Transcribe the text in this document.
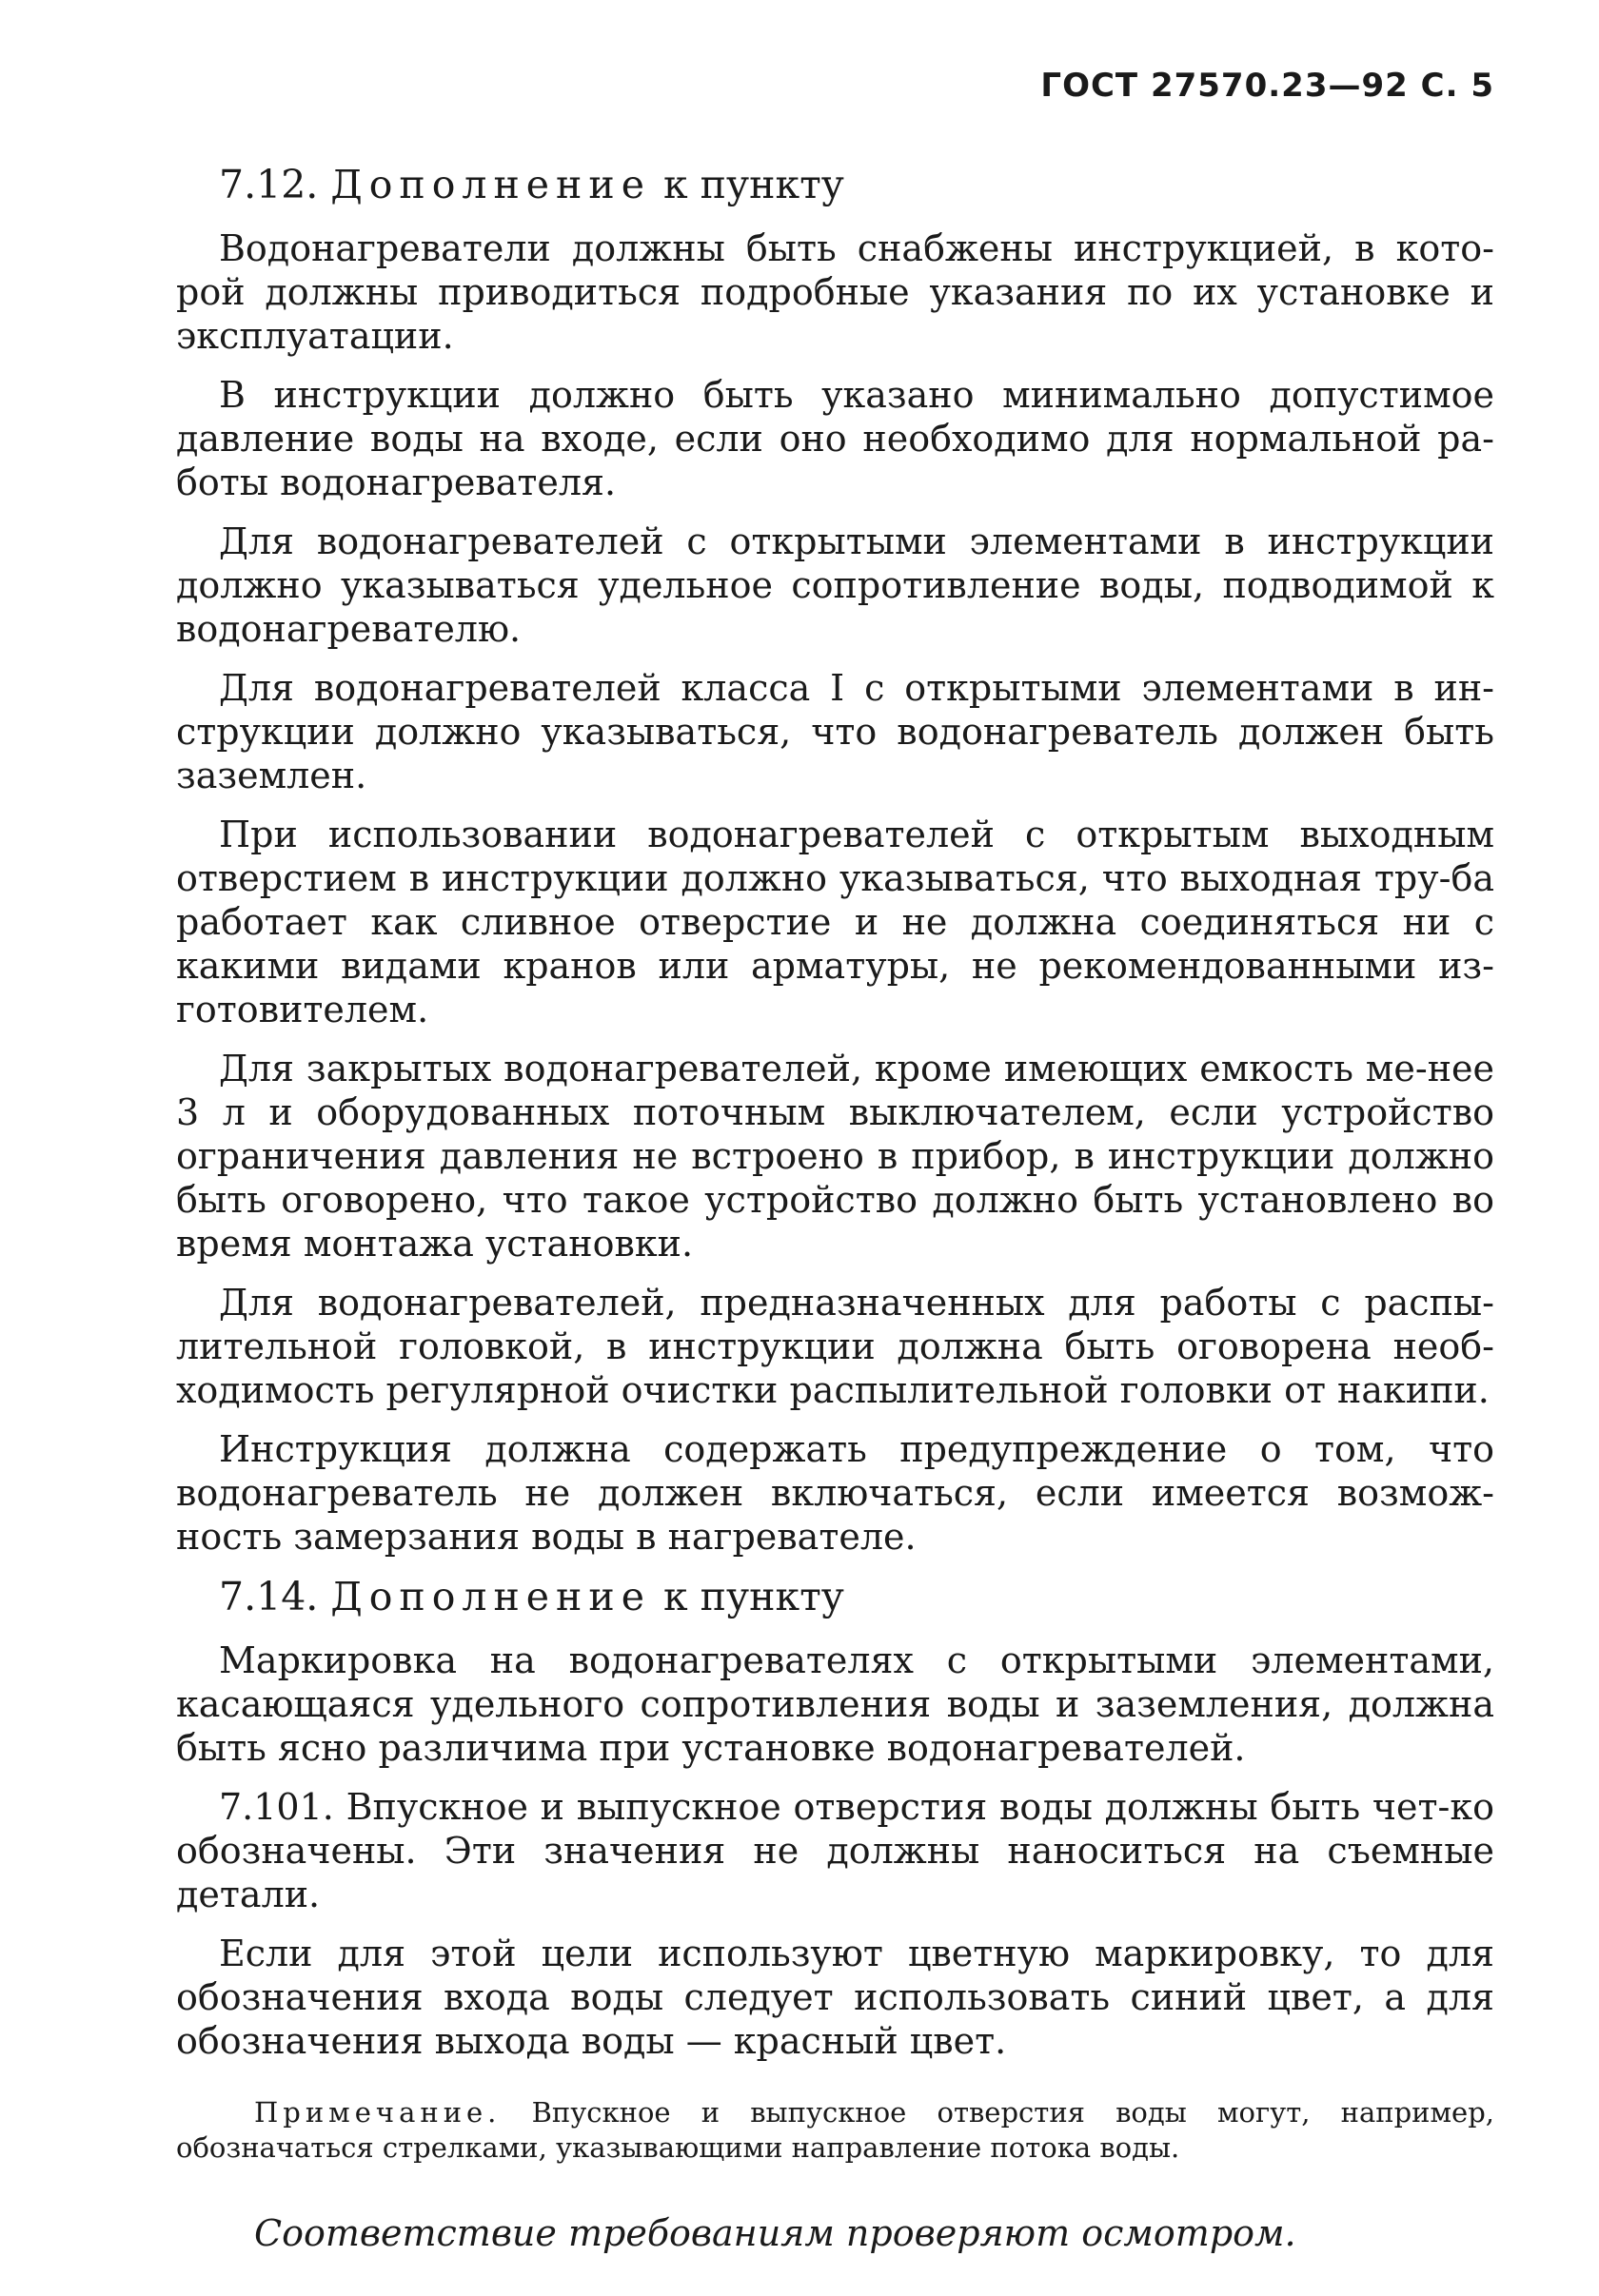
ГОСТ 27570.23—92 С. 5
7.12. Дополнение к пункту

Водонагреватели должны быть снабжены инструкцией, в кото-рой должны приводиться подробные указания по их установке и эксплуатации.

В инструкции должно быть указано минимально допустимое давление воды на входе, если оно необходимо для нормальной ра-боты водонагревателя.

Для водонагревателей с открытыми элементами в инструкции должно указываться удельное сопротивление воды, подводимой к водонагревателю.

Для водонагревателей класса I с открытыми элементами в ин-струкции должно указываться, что водонагреватель должен быть заземлен.

При использовании водонагревателей с открытым выходным отверстием в инструкции должно указываться, что выходная тру-ба работает как сливное отверстие и не должна соединяться ни с какими видами кранов или арматуры, не рекомендованными из-готовителем.

Для закрытых водонагревателей, кроме имеющих емкость ме-нее 3 л и оборудованных поточным выключателем, если устройство ограничения давления не встроено в прибор, в инструкции должно быть оговорено, что такое устройство должно быть установлено во время монтажа установки.

Для водонагревателей, предназначенных для работы с распы-лительной головкой, в инструкции должна быть оговорена необ-ходимость регулярной очистки распылительной головки от накипи.

Инструкция должна содержать предупреждение о том, что водонагреватель не должен включаться, если имеется возмож-ность замерзания воды в нагревателе.

7.14. Дополнение к пункту

Маркировка на водонагревателях с открытыми элементами, касающаяся удельного сопротивления воды и заземления, должна быть ясно различима при установке водонагревателей.

7.101. Впускное и выпускное отверстия воды должны быть чет-ко обозначены. Эти значения не должны наноситься на съемные детали.

Если для этой цели используют цветную маркировку, то для обозначения входа воды следует использовать синий цвет, а для обозначения выхода воды — красный цвет.

Примечание. Впускное и выпускное отверстия воды могут, например, обозначаться стрелками, указывающими направление потока воды.

Соответствие требованиям проверяют осмотром.
